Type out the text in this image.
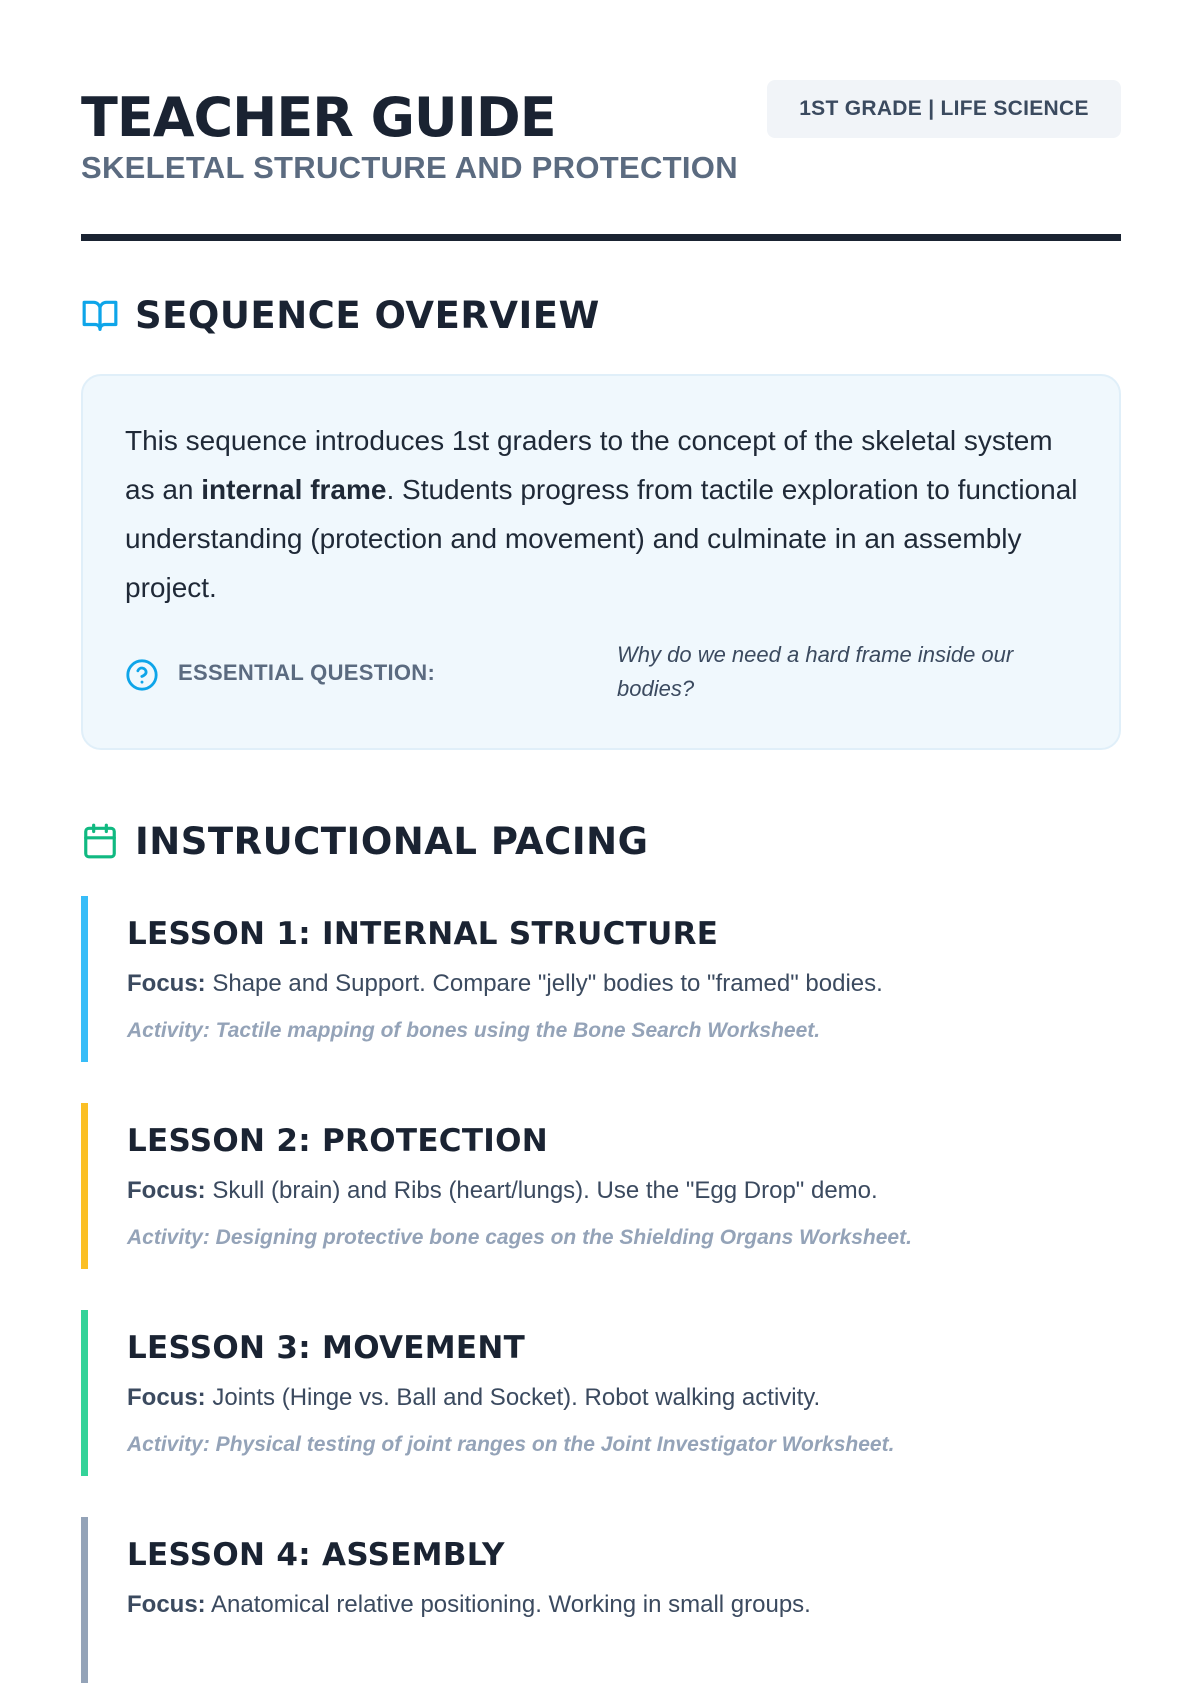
TEACHER GUIDE
SKELETAL STRUCTURE AND PROTECTION
1ST GRADE | LIFE SCIENCE
SEQUENCE OVERVIEW

This sequence introduces 1st graders to the concept of the skeletal system as an internal frame. Students progress from tactile exploration to functional understanding (protection and movement) and culminate in an assembly project.

ESSENTIAL QUESTION:
Why do we need a hard frame inside our bodies?
INSTRUCTIONAL PACING
LESSON 1: INTERNAL STRUCTURE
Focus: Shape and Support. Compare "jelly" bodies to "framed" bodies.
Activity: Tactile mapping of bones using the Bone Search Worksheet.
LESSON 2: PROTECTION
Focus: Skull (brain) and Ribs (heart/lungs). Use the "Egg Drop" demo.
Activity: Designing protective bone cages on the Shielding Organs Worksheet.
LESSON 3: MOVEMENT
Focus: Joints (Hinge vs. Ball and Socket). Robot walking activity.
Activity: Physical testing of joint ranges on the Joint Investigator Worksheet.
LESSON 4: ASSEMBLY
Focus: Anatomical relative positioning. Working in small groups.
